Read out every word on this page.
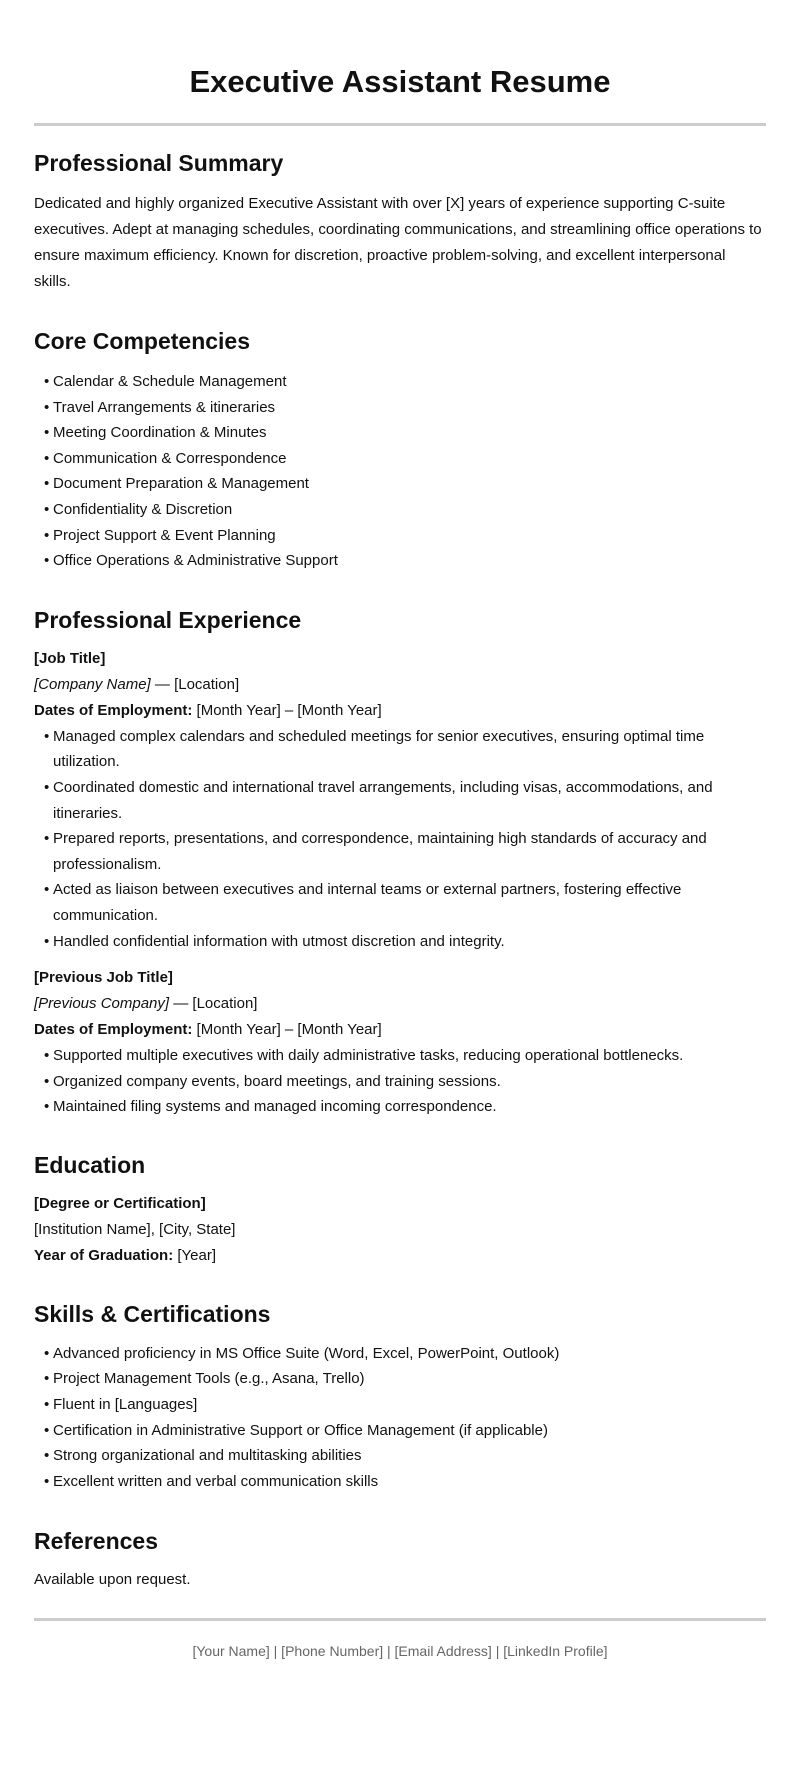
Executive Assistant Resume
Professional Summary

Dedicated and highly organized Executive Assistant with over [X] years of experience supporting C-suite executives. Adept at managing schedules, coordinating communications, and streamlining office operations to ensure maximum efficiency. Known for discretion, proactive problem-solving, and excellent interpersonal skills.

Core Competencies
• Calendar & Schedule Management
• Travel Arrangements & itineraries
• Meeting Coordination & Minutes
• Communication & Correspondence
• Document Preparation & Management
• Confidentiality & Discretion
• Project Support & Event Planning
• Office Operations & Administrative Support
Professional Experience

[Job Title]

[Company Name] — [Location]

Dates of Employment: [Month Year] – [Month Year]

• Managed complex calendars and scheduled meetings for senior executives, ensuring optimal time utilization.
• Coordinated domestic and international travel arrangements, including visas, accommodations, and itineraries.
• Prepared reports, presentations, and correspondence, maintaining high standards of accuracy and professionalism.
• Acted as liaison between executives and internal teams or external partners, fostering effective communication.
• Handled confidential information with utmost discretion and integrity.

[Previous Job Title]

[Previous Company] — [Location]

Dates of Employment: [Month Year] – [Month Year]

• Supported multiple executives with daily administrative tasks, reducing operational bottlenecks.
• Organized company events, board meetings, and training sessions.
• Maintained filing systems and managed incoming correspondence.
Education

[Degree or Certification]

[Institution Name], [City, State]

Year of Graduation: [Year]

Skills & Certifications
• Advanced proficiency in MS Office Suite (Word, Excel, PowerPoint, Outlook)
• Project Management Tools (e.g., Asana, Trello)
• Fluent in [Languages]
• Certification in Administrative Support or Office Management (if applicable)
• Strong organizational and multitasking abilities
• Excellent written and verbal communication skills
References

Available upon request.

[Your Name] | [Phone Number] | [Email Address] | [LinkedIn Profile]
